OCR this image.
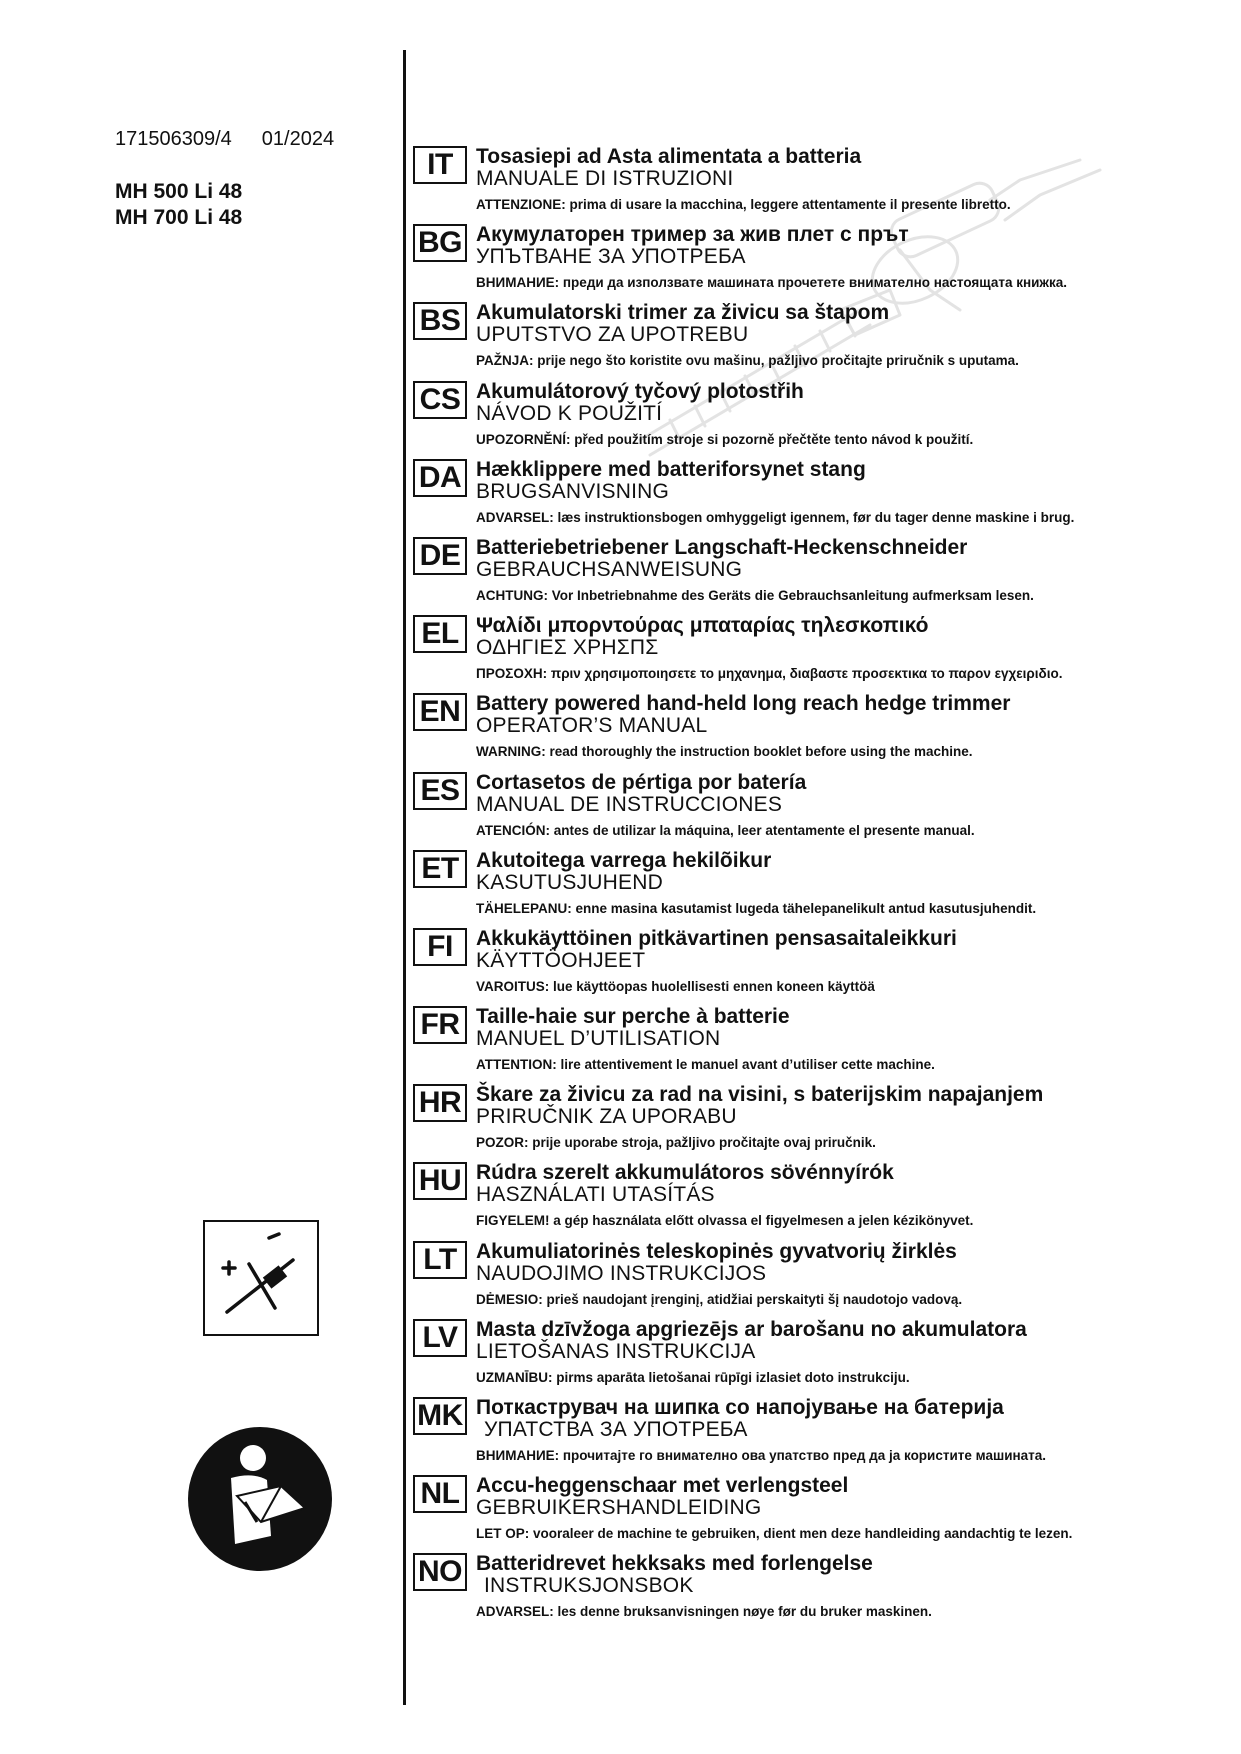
171506309/4 01/2024
MH 500 Li 48
MH 700 Li 48
IT	Tosasiepi ad Asta alimentata a batteria
MANUALE DI ISTRUZIONI
ATTENZIONE: prima di usare la macchina, leggere attentamente il presente libretto.
BG Акумулаторен тример за жив плет с прът
УПЪТВАНЕ ЗА УПОТРЕБА
ВНИМАНИЕ: преди да използвате машината прочетете внимателно настоящата книжка.
BS Akumulatorski trimer za živicu sa štapom
UPUTSTVO ZA UPOTREBU
PAŽNJA: prije nego što koristite ovu mašinu, pažljivo pročitajte priručnik s uputama.
CS Akumulátorový tyčový plotostřih
NÁVOD K POUŽITÍ
UPOZORNĚNÍ: před použitím stroje si pozorně přečtěte tento návod k použití.
DA Hækklippere med batteriforsynet stang
BRUGSANVISNING
ADVARSEL: læs instruktionsbogen omhyggeligt igennem, før du tager denne maskine i brug.
DE Batteriebetriebener Langschaft-Heckenschneider
GEBRAUCHSANWEISUNG
ACHTUNG: Vor Inbetriebnahme des Geräts die Gebrauchsanleitung aufmerksam lesen.
EL Ψαλίδι μπορντούρας μπαταρίας τηλεσκοπικό
ΟΔΗΓΙΕΣ ΧΡΗΣΠΣ
ΠΡΟΣΟΧΗ: πριν χρησιμοποιησετε το μηχανημα, διαβαστε προσεκτικα το παρον εγχειριδιο.
EN Battery powered hand-held long reach hedge trimmer
OPERATOR’S MANUAL
WARNING: read thoroughly the instruction booklet before using the machine.
ES Cortasetos de pértiga por batería
MANUAL DE INSTRUCCIONES
ATENCIÓN: antes de utilizar la máquina, leer atentamente el presente manual.
ET Akutoitega varrega hekilõikur
KASUTUSJUHEND
TÄHELEPANU: enne masina kasutamist lugeda tähelepanelikult antud kasutusjuhendit.
FI	Akkukäyttöinen pitkävartinen pensasaitaleikkuri
KÄYTTÖOHJEET
VAROITUS: lue käyttöopas huolellisesti ennen koneen käyttöä
FR Taille-haie sur perche à batterie
MANUEL D’UTILISATION
ATTENTION: lire attentivement le manuel avant d’utiliser cette machine.
HR Škare za živicu za rad na visini, s baterijskim napajanjem
PRIRUČNIK ZA UPORABU
POZOR: prije uporabe stroja, pažljivo pročitajte ovaj priručnik.
HU Rúdra szerelt akkumulátoros sövénnyírók
HASZNÁLATI UTASÍTÁS
FIGYELEM! a gép használata előtt olvassa el figyelmesen a jelen kézikönyvet.
LT Akumuliatorinės teleskopinės gyvatvorių žirklės
NAUDOJIMO INSTRUKCIJOS
DĖMESIO: prieš naudojant įrenginį, atidžiai perskaityti šį naudotojo vadovą.
LV Masta dzīvžoga apgriezējs ar barošanu no akumulatora
LIETOŠANAS INSTRUKCIJA
UZMANĪBU: pirms aparāta lietošanai rūpīgi izlasiet doto instrukciju.
MK Поткаструвач на шипка со напојување на батерија
УПАТСТВА ЗА УПОТРЕБА
ВНИМАНИЕ: прочитајте го внимателно ова упатство пред да ја користите машината.
NL Accu-heggenschaar met verlengsteel
GEBRUIKERSHANDLEIDING
LET OP: vooraleer de machine te gebruiken, dient men deze handleiding aandachtig te lezen.
NO Batteridrevet hekksaks med forlengelse
INSTRUKSJONSBOK
ADVARSEL: les denne bruksanvisningen nøye før du bruker maskinen.
